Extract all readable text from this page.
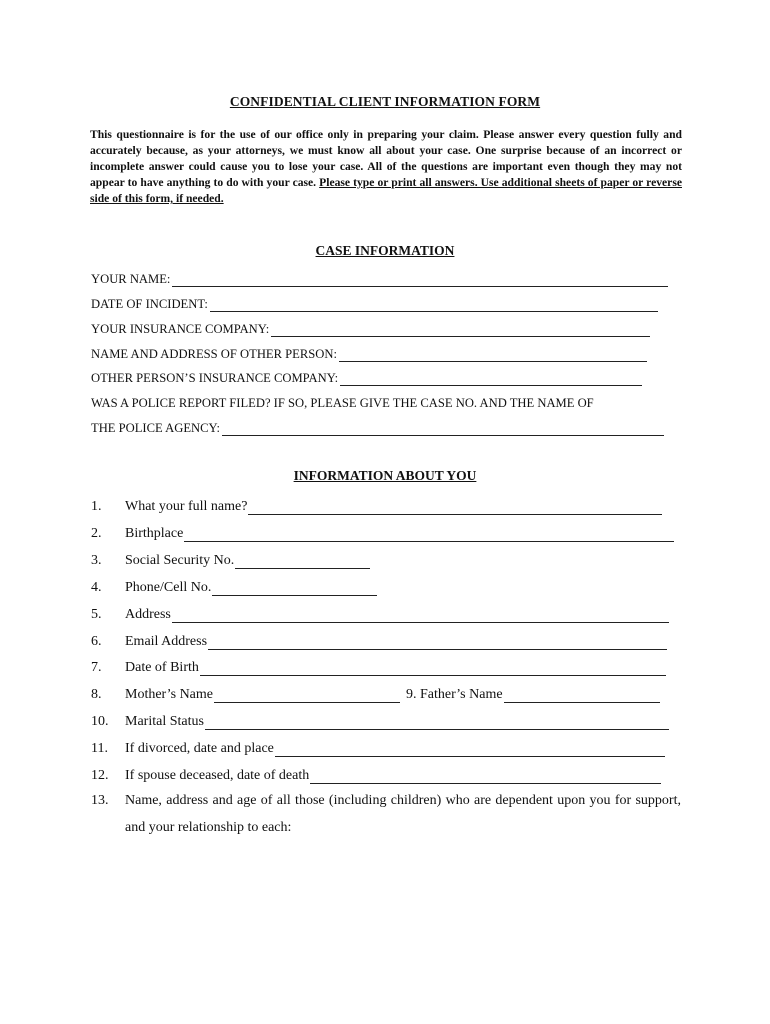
CONFIDENTIAL CLIENT INFORMATION FORM
This questionnaire is for the use of our office only in preparing your claim. Please answer every question fully and accurately because, as your attorneys, we must know all about your case. One surprise because of an incorrect or incomplete answer could cause you to lose your case. All of the questions are important even though they may not appear to have anything to do with your case. Please type or print all answers. Use additional sheets of paper or reverse side of this form, if needed.
CASE INFORMATION
YOUR NAME:
DATE OF INCIDENT:
YOUR INSURANCE COMPANY:
NAME AND ADDRESS OF OTHER PERSON:
OTHER PERSON’S INSURANCE COMPANY:
WAS A POLICE REPORT FILED? IF SO, PLEASE GIVE THE CASE NO. AND THE NAME OF
THE POLICE AGENCY:
INFORMATION ABOUT YOU
1.	What your full name?
2.	Birthplace
3.	Social Security No.
4.	Phone/Cell No.
5.	Address
6.	Email Address
7.	Date of Birth
8.	Mother’s Name	9. Father’s Name
10.	Marital Status
11.	If divorced, date and place
12.	If spouse deceased, date of death
13. Name, address and age of all those (including children) who are dependent upon you for support, and your relationship to each:
